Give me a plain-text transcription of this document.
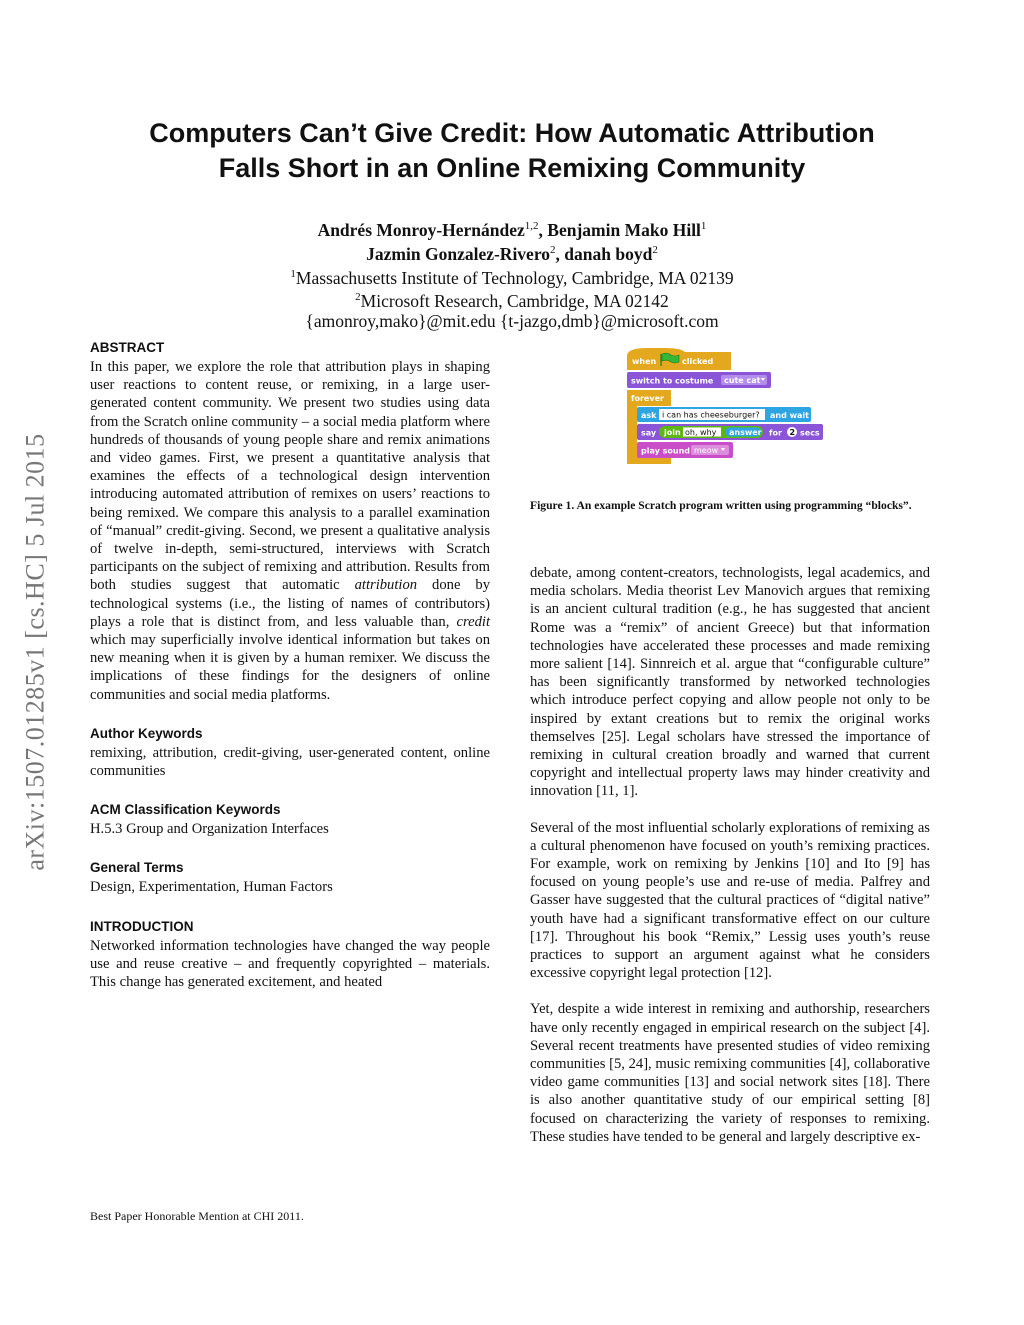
arXiv:1507.01285v1 [cs.HC] 5 Jul 2015
Computers Can’t Give Credit: How Automatic Attribution
Falls Short in an Online Remixing Community
Andrés Monroy-Hernández$^{1,2}$, Benjamin Mako Hill$^1$
Jazmin Gonzalez-Rivero$^2$, danah boyd$^2$
$^1$Massachusetts Institute of Technology, Cambridge, MA 02139
$^2$Microsoft Research, Cambridge, MA 02142
{amonroy,mako}@mit.edu {t-jazgo,dmb}@microsoft.com
ABSTRACT

In this paper, we explore the role that attribution plays in shaping user reactions to content reuse, or remixing, in a large user-generated content community. We present two studies using data from the Scratch online community – a social media platform where hundreds of thousands of young people share and remix animations and video games. First, we present a quantitative analysis that examines the effects of a technological design intervention introducing automated attribution of remixes on users’ reactions to being remixed. We compare this analysis to a parallel examination of “manual” credit-giving. Second, we present a qualitative analysis of twelve in-depth, semi-structured, interviews with Scratch participants on the subject of remixing and attribution. Results from both studies suggest that automatic attribution done by technological systems (i.e., the listing of names of contributors) plays a role that is distinct from, and less valuable than, credit which may superficially involve identical information but takes on new meaning when it is given by a human remixer. We discuss the implications of these findings for the designers of online communities and social media platforms.

Author Keywords

remixing, attribution, credit-giving, user-generated content, online communities

ACM Classification Keywords

H.5.3 Group and Organization Interfaces

General Terms

Design, Experimentation, Human Factors

INTRODUCTION

Networked information technologies have changed the way people use and reuse creative – and frequently copyrighted – materials. This change has generated excitement, and heated

Best Paper Honorable Mention at CHI 2011.
when	clicked
switch to costume cute cat
forever
ask i can has cheeseburger? and wait
say join oh, why answer for 2 secs
play sound meow
Figure 1. An example Scratch program written using programming “blocks”.

debate, among content-creators, technologists, legal academics, and media scholars. Media theorist Lev Manovich argues that remixing is an ancient cultural tradition (e.g., he has suggested that ancient Rome was a “remix” of ancient Greece) but that information technologies have accelerated these processes and made remixing more salient [14]. Sinnreich et al. argue that “configurable culture” has been significantly transformed by networked technologies which introduce perfect copying and allow people not only to be inspired by extant creations but to remix the original works themselves [25]. Legal scholars have stressed the importance of remixing in cultural creation broadly and warned that current copyright and intellectual property laws may hinder creativity and innovation [11, 1].

Several of the most influential scholarly explorations of remixing as a cultural phenomenon have focused on youth’s remixing practices. For example, work on remixing by Jenkins [10] and Ito [9] has focused on young people’s use and re-use of media. Palfrey and Gasser have suggested that the cultural practices of “digital native” youth have had a significant transformative effect on our culture [17]. Throughout his book “Remix,” Lessig uses youth’s reuse practices to support an argument against what he considers excessive copyright legal protection [12].

Yet, despite a wide interest in remixing and authorship, researchers have only recently engaged in empirical research on the subject [4]. Several recent treatments have presented studies of video remixing communities [5, 24], music remixing communities [4], collaborative video game communities [13] and social network sites [18]. There is also another quantitative study of our empirical setting [8] focused on characterizing the variety of responses to remixing. These studies have tended to be general and largely descriptive ex-
